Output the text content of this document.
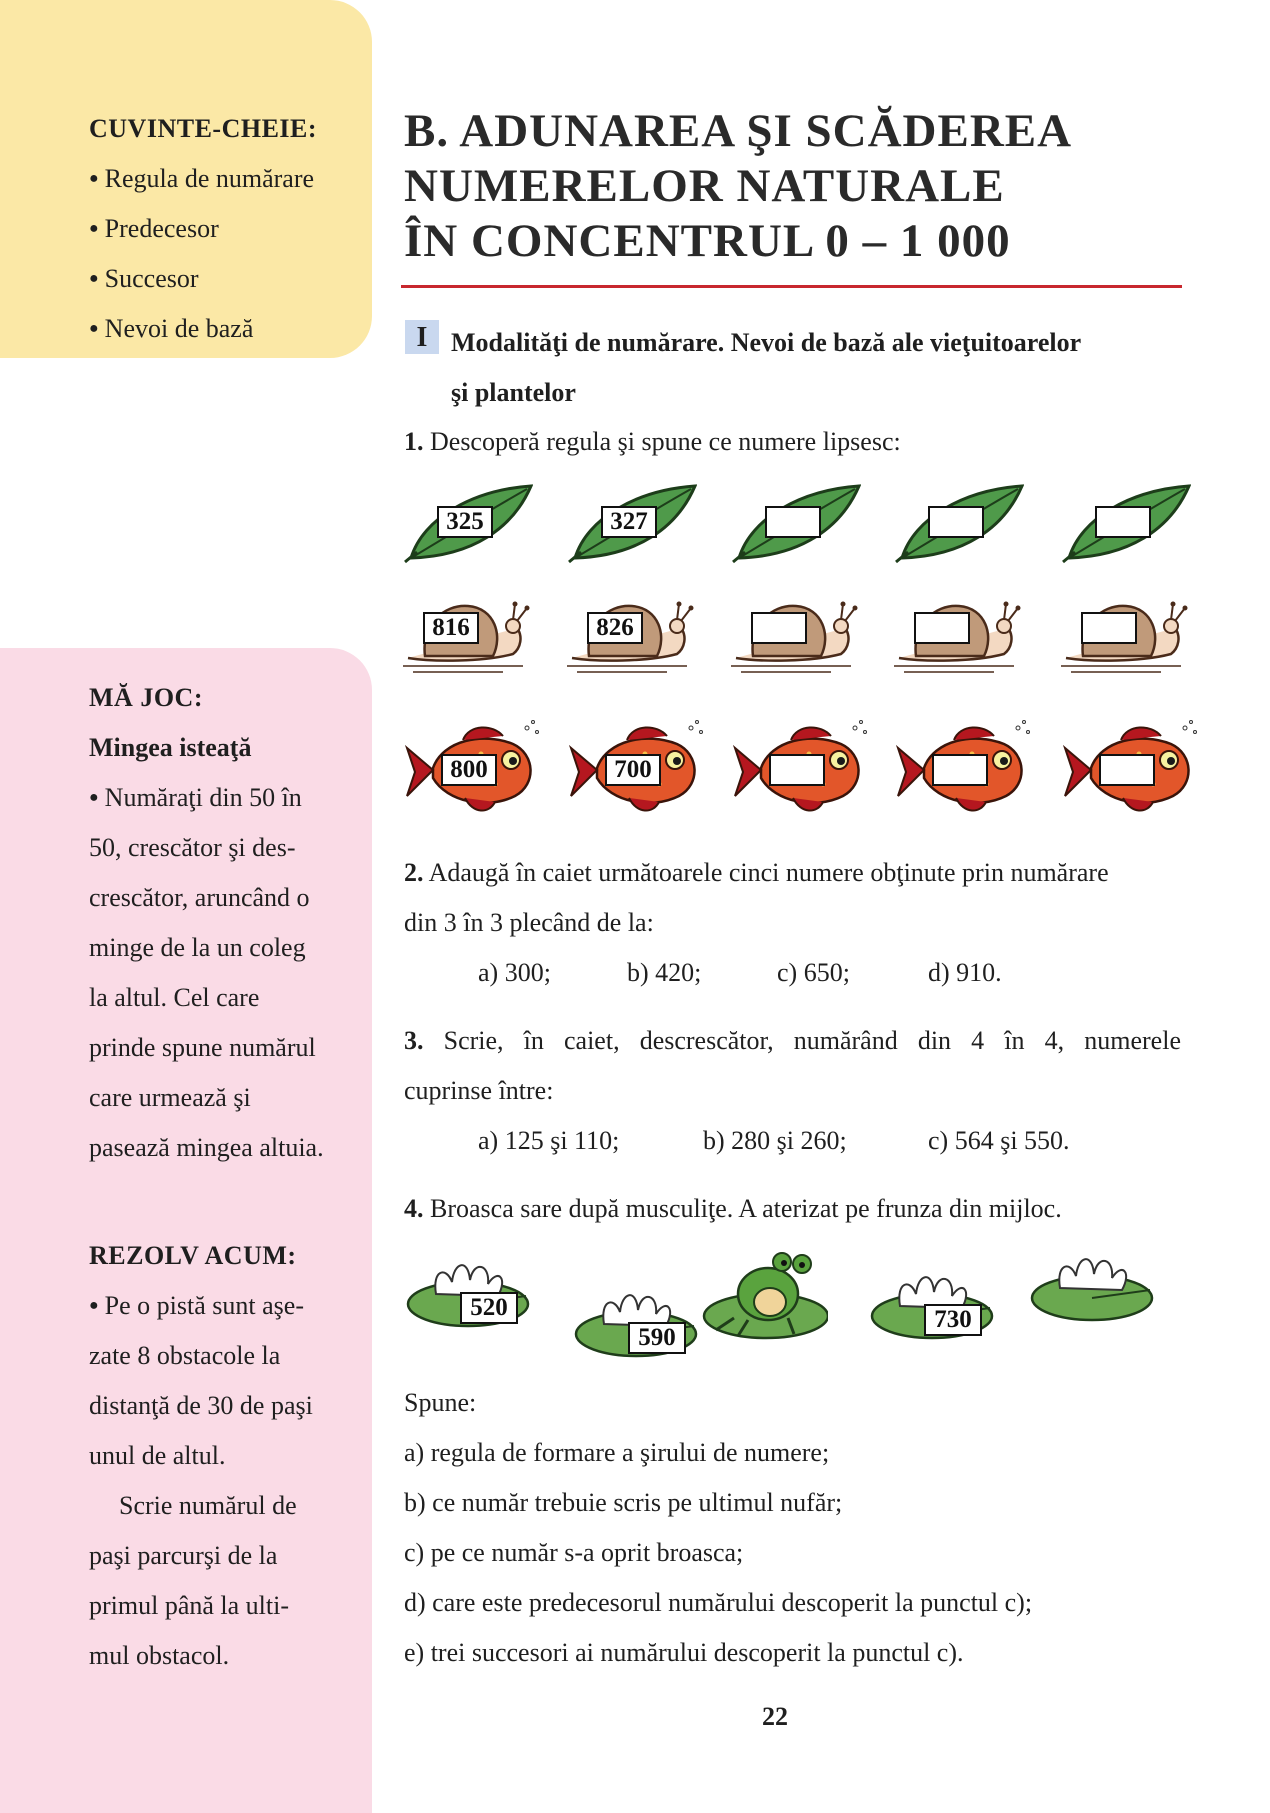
CUVINTE-CHEIE:

● Regula de numărare

● Predecesor

● Succesor

● Nevoi de bază

MĂ JOC:

Mingea isteaţă

● Număraţi din 50 în

50, crescător şi des-

crescător, aruncând o

minge de la un coleg

la altul. Cel care

prinde spune numărul

care urmează şi

pasează mingea altuia.

REZOLV ACUM:

● Pe o pistă sunt aşe-

zate 8 obstacole la

distanţă de 30 de paşi

unul de altul.

Scrie numărul de

paşi parcurşi de la

primul până la ulti-

mul obstacol.

B. ADUNAREA ŞI SCĂDEREA
NUMERELOR NATURALE
ÎN CONCENTRUL 0 – 1 000
I Modalităţi de numărare. Nevoi de bază ale vieţuitoarelor
şi plantelor
1. Descoperă regula şi spune ce numere lipsesc:
325	327
816	826
800	700
2. Adaugă în caiet următoarele cinci numere obţinute prin numărare
din 3 în 3 plecând de la:
a) 300;	b) 420;	c) 650;	d) 910.
3. Scrie, în caiet, descrescător, numărând din 4 în 4, numerele
cuprinse între:
a) 125 şi 110;	b) 280 şi 260;	c) 564 şi 550.
4. Broasca sare după musculiţe. A aterizat pe frunza din mijloc.
520
590
730
Spune:
a) regula de formare a şirului de numere;
b) ce număr trebuie scris pe ultimul nufăr;
c) pe ce număr s-a oprit broasca;
d) care este predecesorul numărului descoperit la punctul c);
e) trei succesori ai numărului descoperit la punctul c).
22
